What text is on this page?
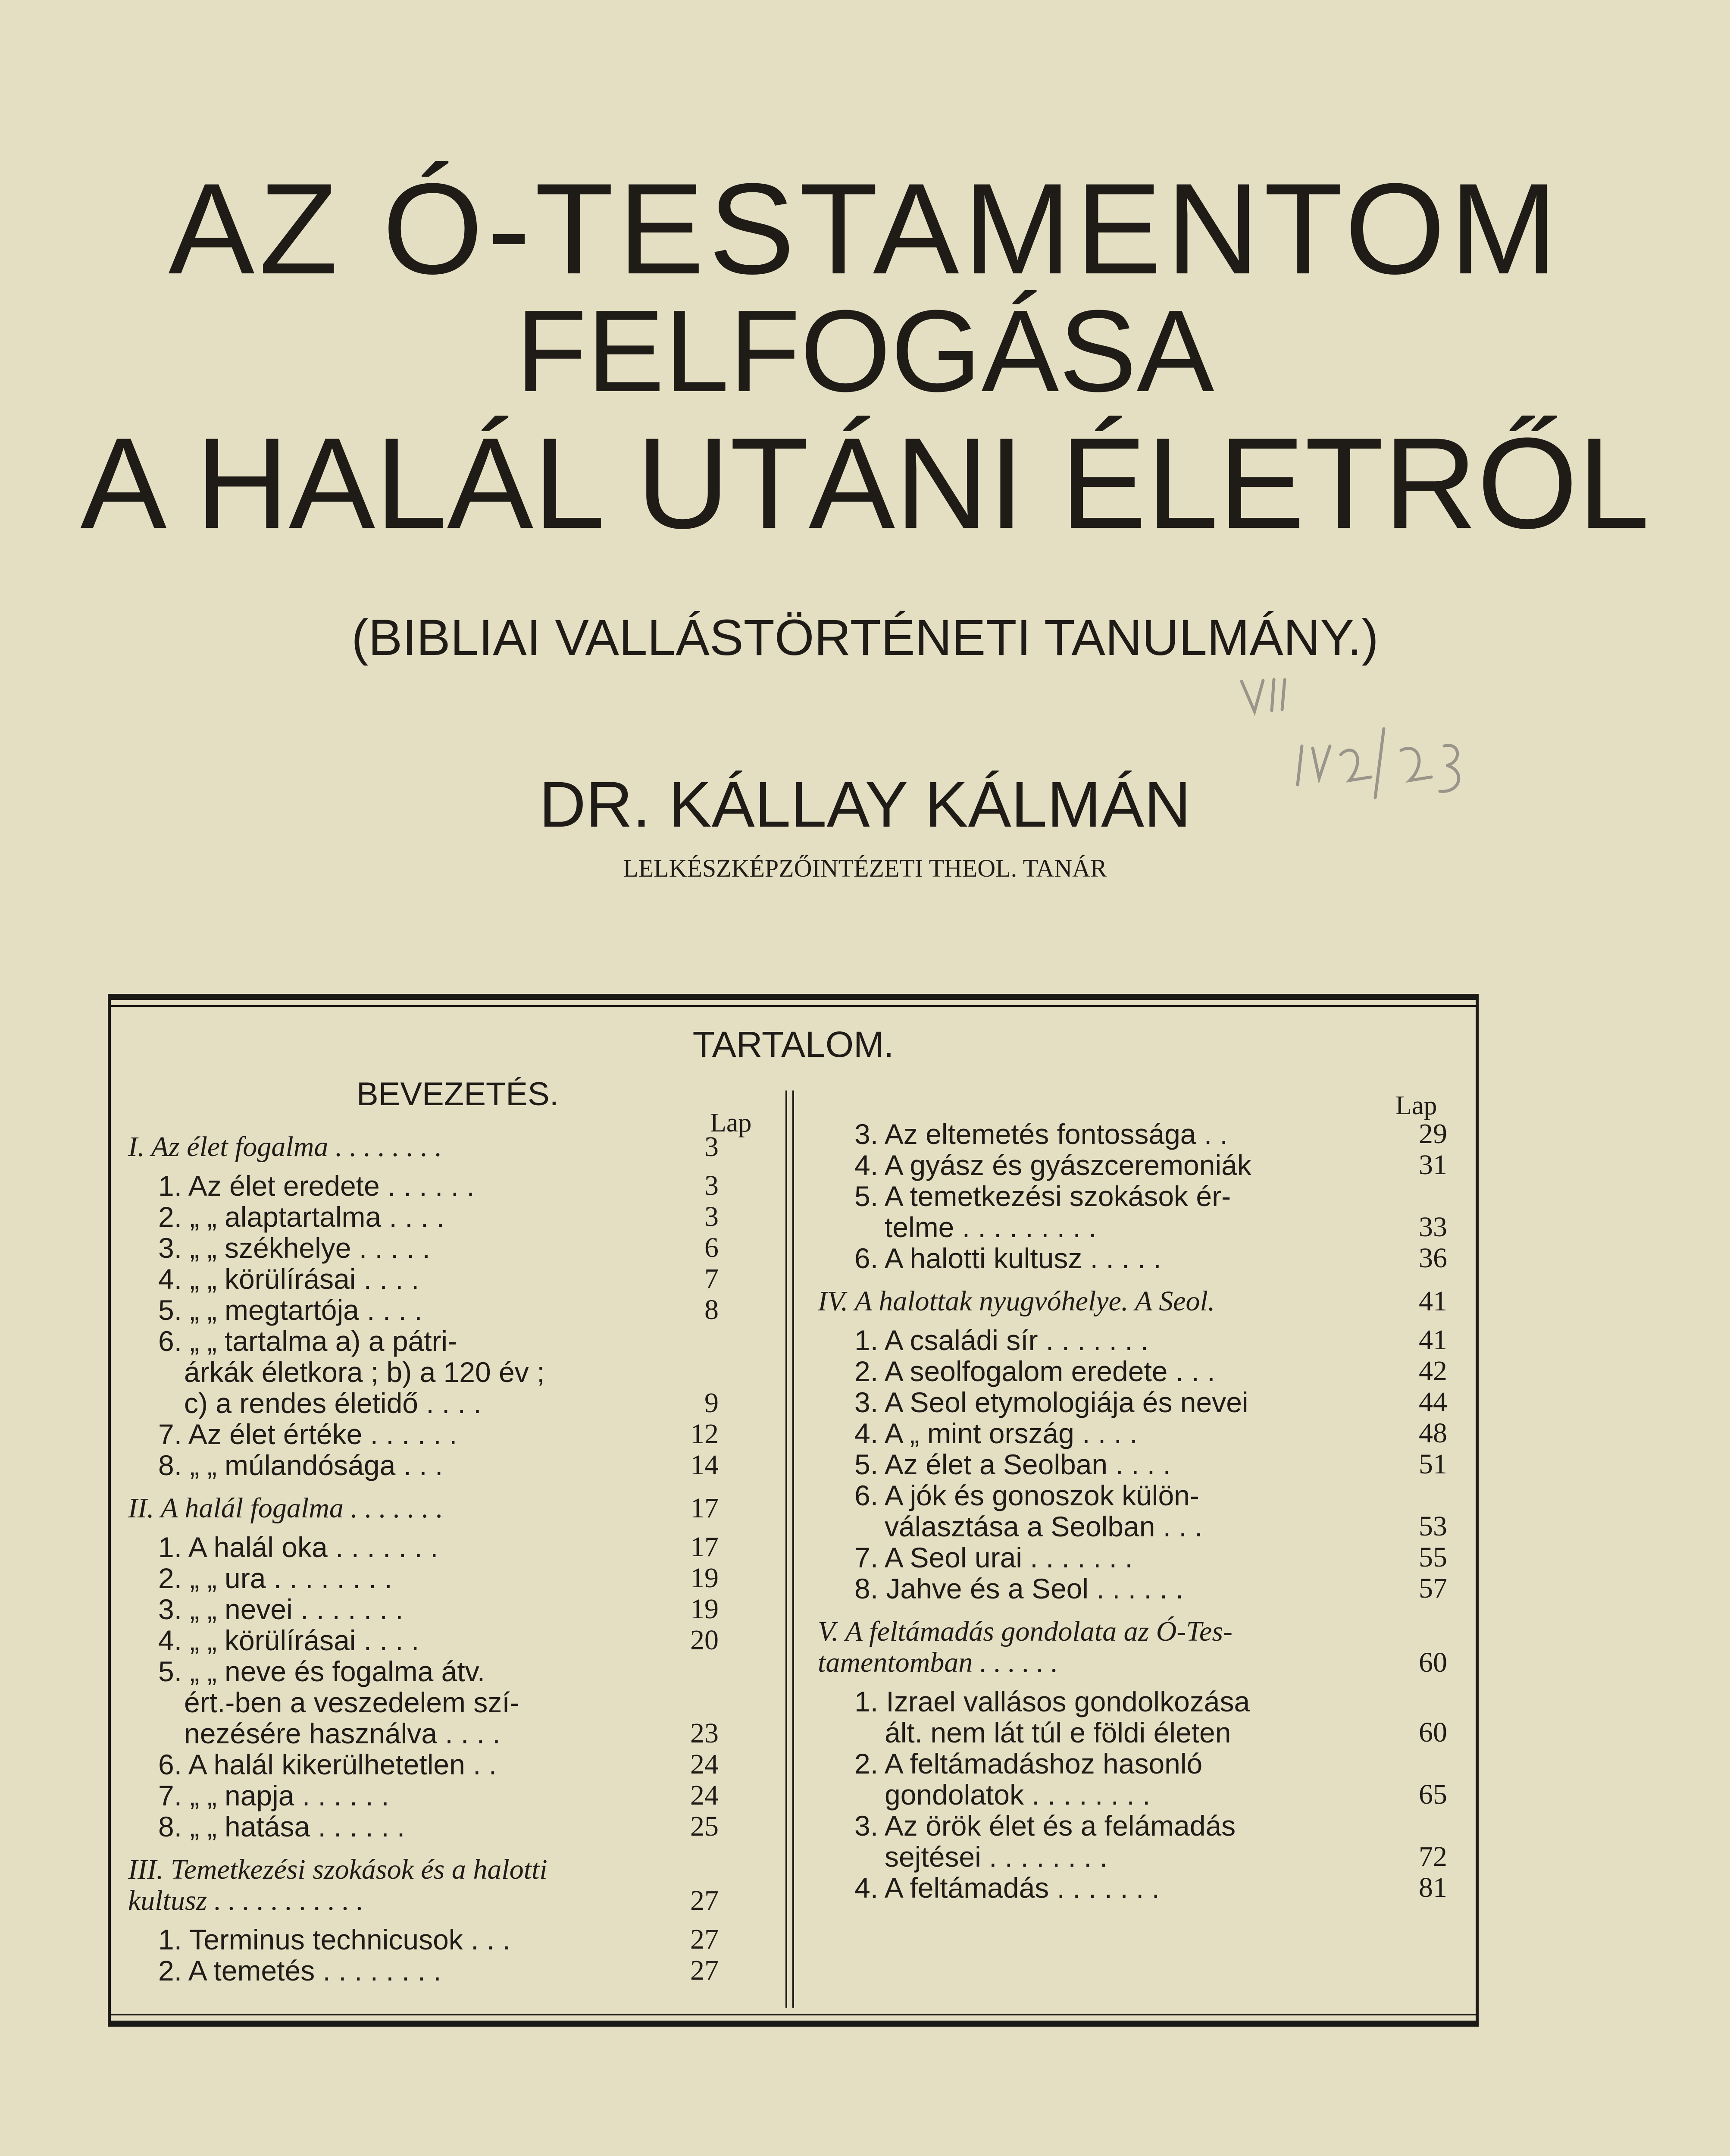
AZ Ó-TESTAMENTOM
FELFOGÁSA
A HALÁL UTÁNI ÉLETRŐL
(BIBLIAI VALLÁSTÖRTÉNETI TANULMÁNY.)
DR. KÁLLAY KÁLMÁN
LELKÉSZKÉPZŐINTÉZETI THEOL. TANÁR
TARTALOM.
BEVEZETÉS.
Lap
Lap
I. Az élet fogalma . . . . . . . .	3
1. Az élet eredete . . . . . .	3
2. „ „ alaptartalma . . . .	3
3. „ „ székhelye . . . . .	6
4. „ „ körülírásai . . . .	7
5. „ „ megtartója . . . .	8
6. „ „ tartalma a) a pátri-
árkák életkora ; b) a 120 év ;
c) a rendes életidő . . . .	9
7. Az élet értéke . . . . . .	12
8. „ „ múlandósága . . .	14
II. A halál fogalma . . . . . . .	17
1. A halál oka . . . . . . .	17
2. „ „ ura . . . . . . . .	19
3. „ „ nevei . . . . . . .	19
4. „ „ körülírásai . . . .	20
5. „ „ neve és fogalma átv.
ért.-ben a veszedelem szí-
nezésére használva . . . .	23
6. A halál kikerülhetetlen . .	24
7. „ „ napja . . . . . .	24
8. „ „ hatása . . . . . .	25
III. Temetkezési szokások és a halotti
kultusz . . . . . . . . . . .	27
1. Terminus technicusok . . .	27
2. A temetés . . . . . . . .	27
3. Az eltemetés fontossága . .	29
4. A gyász és gyászceremoniák	31
5. A temetkezési szokások ér-
telme . . . . . . . . .	33
6. A halotti kultusz . . . . .	36
IV. A halottak nyugvóhelye. A Seol.	41
1. A családi sír . . . . . . .	41
2. A seolfogalom eredete . . .	42
3. A Seol etymologiája és nevei	44
4. A „ mint ország . . . .	48
5. Az élet a Seolban . . . .	51
6. A jók és gonoszok külön-
választása a Seolban . . .	53
7. A Seol urai . . . . . . .	55
8. Jahve és a Seol . . . . . .	57
V. A feltámadás gondolata az Ó-Tes-
tamentomban . . . . . .	60
1. Izrael vallásos gondolkozása
ált. nem lát túl e földi életen	60
2. A feltámadáshoz hasonló
gondolatok . . . . . . . .	65
3. Az örök élet és a felámadás
sejtései . . . . . . . .	72
4. A feltámadás . . . . . . .	81
